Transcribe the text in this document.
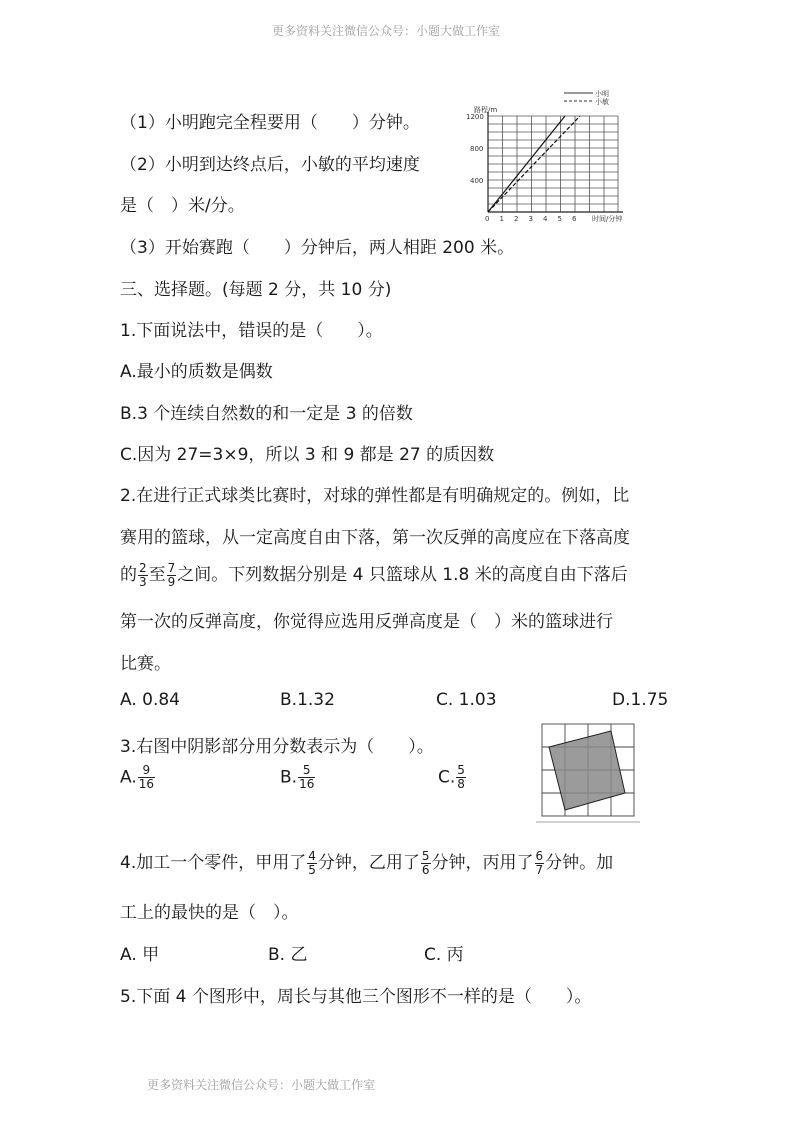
更多资料关注微信公众号：小题大做工作室
更多资料关注微信公众号：小题大做工作室
（1）小明跑完全程要用（　　）分钟。
（2）小明到达终点后，小敏的平均速度
是（　）米/分。
（3）开始赛跑（　　）分钟后，两人相距 200 米。
小明
小敏
路程/m
1200
800
400
0 1 2 3 4 5 6 时间/分钟
三、选择题。(每题 2 分，共 10 分)
1.下面说法中，错误的是（　　）。
A.最小的质数是偶数
B.3 个连续自然数的和一定是 3 的倍数
C.因为 27=3×9，所以 3 和 9 都是 27 的质因数
2.在进行正式球类比赛时，对球的弹性都是有明确规定的。例如，比
赛用的篮球，从一定高度自由下落，第一次反弹的高度应在下落高度
的 $\frac{2}{3}$ 至 $\frac{7}{9}$ 之间。下列数据分别是 4 只篮球从 1.8 米的高度自由下落后
第一次的反弹高度，你觉得应选用反弹高度是（　）米的篮球进行
比赛。
A. 0.84	B.1.32	C. 1.03	D.1.75
3.右图中阴影部分用分数表示为（　　）。
A. $\frac{9}{16}$	B. $\frac{5}{16}$	C. $\frac{5}{8}$
4.加工一个零件，甲用了 $\frac{4}{5}$ 分钟，乙用了 $\frac{5}{6}$ 分钟，丙用了 $\frac{6}{7}$ 分钟。加
工上的最快的是（　）。
A. 甲	B. 乙	C. 丙
5.下面 4 个图形中，周长与其他三个图形不一样的是（　　）。
